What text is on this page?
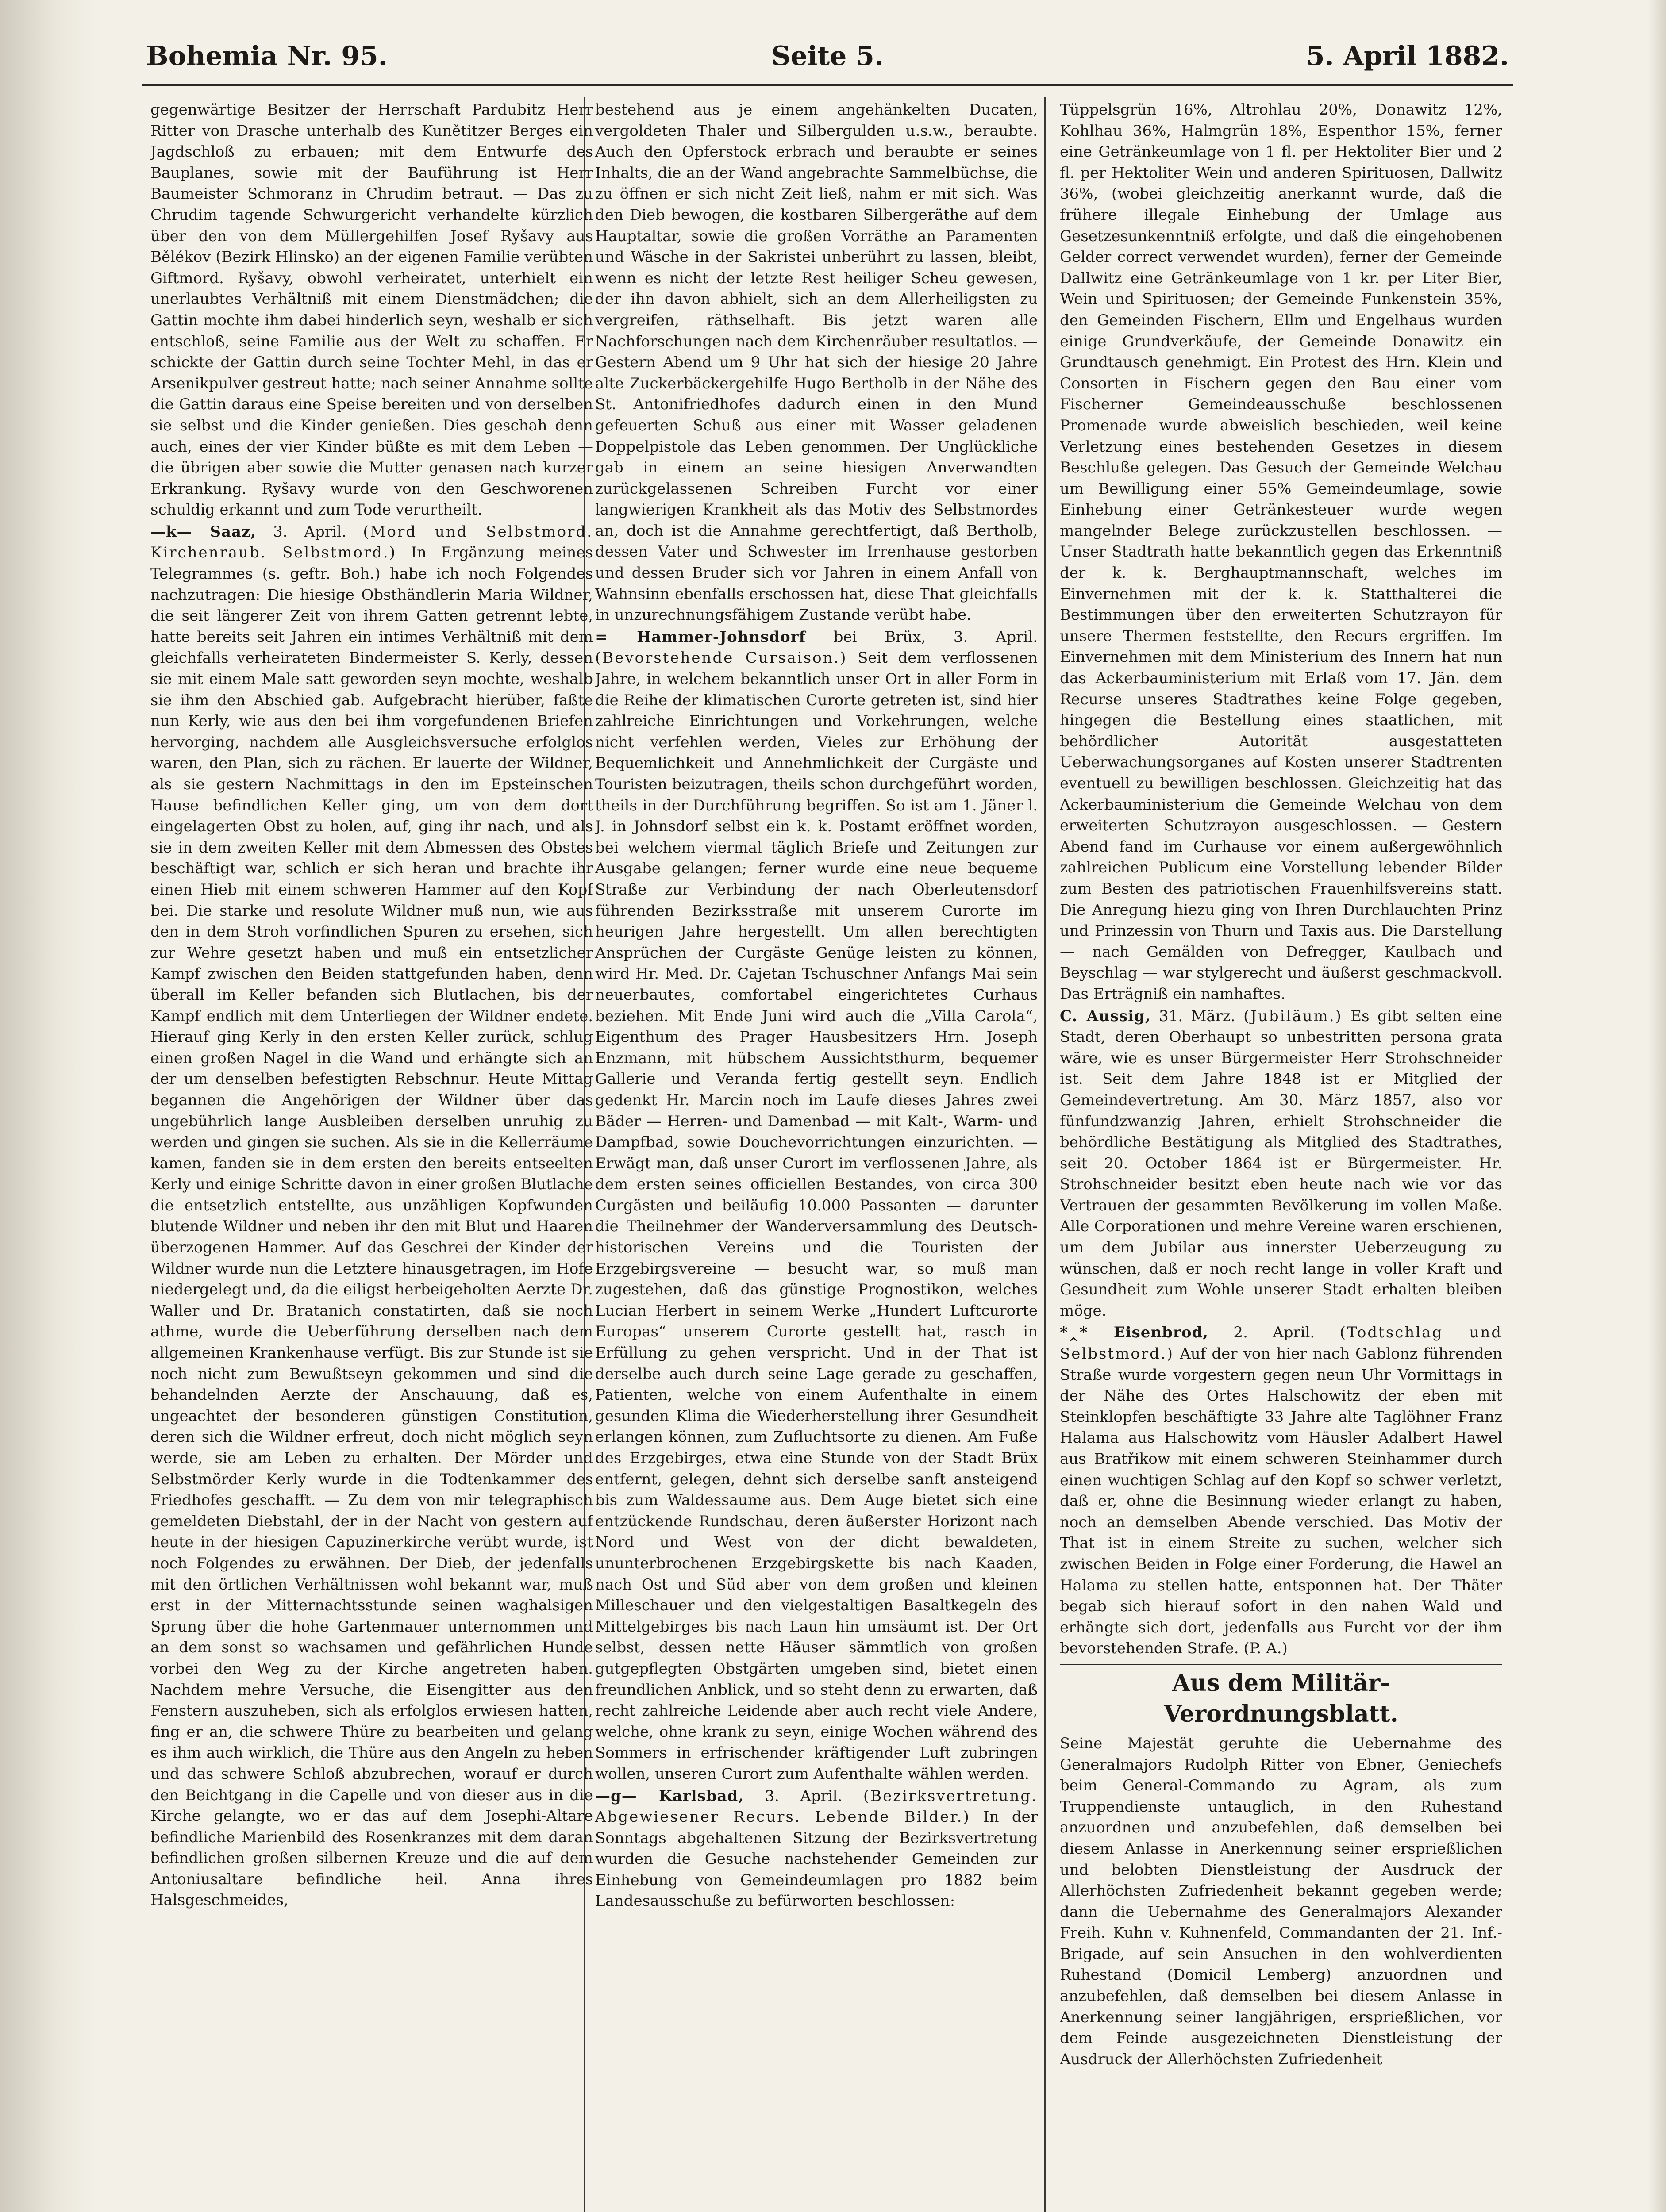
Bohemia Nr. 95.	Seite 5.	5. April 1882.

gegenwärtige Besitzer der Herrschaft Pardubitz Herr Ritter von Drasche unterhalb des Kunětitzer Berges ein Jagdschloß zu erbauen; mit dem Entwurfe des Bauplanes, sowie mit der Bauführung ist Herr Baumeister Schmoranz in Chrudim betraut. — Das zu Chrudim tagende Schwurgericht verhandelte kürzlich über den von dem Müllergehilfen Josef Ryšavy aus Bělékov (Bezirk Hlinsko) an der eigenen Familie verübten Giftmord. Ryšavy, obwohl verheiratet, unterhielt ein unerlaubtes Verhältniß mit einem Dienstmädchen; die Gattin mochte ihm dabei hinderlich seyn, weshalb er sich entschloß, seine Familie aus der Welt zu schaffen. Er schickte der Gattin durch seine Tochter Mehl, in das er Arsenikpulver gestreut hatte; nach seiner Annahme sollte die Gattin daraus eine Speise bereiten und von derselben sie selbst und die Kinder genießen. Dies geschah denn auch, eines der vier Kinder büßte es mit dem Leben — die übrigen aber sowie die Mutter genasen nach kurzer Erkrankung. Ryšavy wurde von den Geschworenen schuldig erkannt und zum Tode verurtheilt.

—k— Saaz, 3. April. (Mord und Selbstmord. Kirchenraub. Selbstmord.) In Ergänzung meines Telegrammes (s. geftr. Boh.) habe ich noch Folgendes nachzutragen: Die hiesige Obsthändlerin Maria Wildner, die seit längerer Zeit von ihrem Gatten getrennt lebte, hatte bereits seit Jahren ein intimes Verhältniß mit dem gleichfalls verheirateten Bindermeister S. Kerly, dessen sie mit einem Male satt geworden seyn mochte, weshalb sie ihm den Abschied gab. Aufgebracht hierüber, faßte nun Kerly, wie aus den bei ihm vorgefundenen Briefen hervorging, nachdem alle Ausgleichsversuche erfolglos waren, den Plan, sich zu rächen. Er lauerte der Wildner, als sie gestern Nachmittags in den im Epsteinschen Hause befindlichen Keller ging, um von dem dort eingelagerten Obst zu holen, auf, ging ihr nach, und als sie in dem zweiten Keller mit dem Abmessen des Obstes beschäftigt war, schlich er sich heran und brachte ihr einen Hieb mit einem schweren Hammer auf den Kopf bei. Die starke und resolute Wildner muß nun, wie aus den in dem Stroh vorfindlichen Spuren zu ersehen, sich zur Wehre gesetzt haben und muß ein entsetzlicher Kampf zwischen den Beiden stattgefunden haben, denn überall im Keller befanden sich Blutlachen, bis der Kampf endlich mit dem Unterliegen der Wildner endete. Hierauf ging Kerly in den ersten Keller zurück, schlug einen großen Nagel in die Wand und erhängte sich an der um denselben befestigten Rebschnur. Heute Mittag begannen die Angehörigen der Wildner über das ungebührlich lange Ausbleiben derselben unruhig zu werden und gingen sie suchen. Als sie in die Kellerräume kamen, fanden sie in dem ersten den bereits entseelten Kerly und einige Schritte davon in einer großen Blutlache die entsetzlich entstellte, aus unzähligen Kopfwunden blutende Wildner und neben ihr den mit Blut und Haaren überzogenen Hammer. Auf das Geschrei der Kinder der Wildner wurde nun die Letztere hinausgetragen, im Hofe niedergelegt und, da die eiligst herbeigeholten Aerzte Dr. Waller und Dr. Bratanich constatirten, daß sie noch athme, wurde die Ueberführung derselben nach dem allgemeinen Krankenhause verfügt. Bis zur Stunde ist sie noch nicht zum Bewußtseyn gekommen und sind die behandelnden Aerzte der Anschauung, daß es, ungeachtet der besonderen günstigen Constitution, deren sich die Wildner erfreut, doch nicht möglich seyn werde, sie am Leben zu erhalten. Der Mörder und Selbstmörder Kerly wurde in die Todtenkammer des Friedhofes geschafft. — Zu dem von mir telegraphisch gemeldeten Diebstahl, der in der Nacht von gestern auf heute in der hiesigen Capuzinerkirche verübt wurde, ist noch Folgendes zu erwähnen. Der Dieb, der jedenfalls mit den örtlichen Verhältnissen wohl bekannt war, muß erst in der Mitternachtsstunde seinen waghalsigen Sprung über die hohe Gartenmauer unternommen und an dem sonst so wachsamen und gefährlichen Hunde vorbei den Weg zu der Kirche angetreten haben. Nachdem mehre Versuche, die Eisengitter aus den Fenstern auszuheben, sich als erfolglos erwiesen hatten, fing er an, die schwere Thüre zu bearbeiten und gelang es ihm auch wirklich, die Thüre aus den Angeln zu heben und das schwere Schloß abzubrechen, worauf er durch den Beichtgang in die Capelle und von dieser aus in die Kirche gelangte, wo er das auf dem Josephi-Altare befindliche Marienbild des Rosenkranzes mit dem daran befindlichen großen silbernen Kreuze und die auf dem Antoniusaltare befindliche heil. Anna ihres Halsgeschmeides,

bestehend aus je einem angehänkelten Ducaten, vergoldeten Thaler und Silbergulden u.s.w., beraubte. Auch den Opferstock erbrach und beraubte er seines Inhalts, die an der Wand angebrachte Sammelbüchse, die zu öffnen er sich nicht Zeit ließ, nahm er mit sich. Was den Dieb bewogen, die kostbaren Silbergeräthe auf dem Hauptaltar, sowie die großen Vorräthe an Paramenten und Wäsche in der Sakristei unberührt zu lassen, bleibt, wenn es nicht der letzte Rest heiliger Scheu gewesen, der ihn davon abhielt, sich an dem Allerheiligsten zu vergreifen, räthselhaft. Bis jetzt waren alle Nachforschungen nach dem Kirchenräuber resultatlos. — Gestern Abend um 9 Uhr hat sich der hiesige 20 Jahre alte Zuckerbäckergehilfe Hugo Bertholb in der Nähe des St. Antonifriedhofes dadurch einen in den Mund gefeuerten Schuß aus einer mit Wasser geladenen Doppelpistole das Leben genommen. Der Unglückliche gab in einem an seine hiesigen Anverwandten zurückgelassenen Schreiben Furcht vor einer langwierigen Krankheit als das Motiv des Selbstmordes an, doch ist die Annahme gerechtfertigt, daß Bertholb, dessen Vater und Schwester im Irrenhause gestorben und dessen Bruder sich vor Jahren in einem Anfall von Wahnsinn ebenfalls erschossen hat, diese That gleichfalls in unzurechnungsfähigem Zustande verübt habe.

= Hammer-Johnsdorf bei Brüx, 3. April. (Bevorstehende Cursaison.) Seit dem verflossenen Jahre, in welchem bekanntlich unser Ort in aller Form in die Reihe der klimatischen Curorte getreten ist, sind hier zahlreiche Einrichtungen und Vorkehrungen, welche nicht verfehlen werden, Vieles zur Erhöhung der Bequemlichkeit und Annehmlichkeit der Curgäste und Touristen beizutragen, theils schon durchgeführt worden, theils in der Durchführung begriffen. So ist am 1. Jäner l. J. in Johnsdorf selbst ein k. k. Postamt eröffnet worden, bei welchem viermal täglich Briefe und Zeitungen zur Ausgabe gelangen; ferner wurde eine neue bequeme Straße zur Verbindung der nach Oberleutensdorf führenden Bezirksstraße mit unserem Curorte im heurigen Jahre hergestellt. Um allen berechtigten Ansprüchen der Curgäste Genüge leisten zu können, wird Hr. Med. Dr. Cajetan Tschuschner Anfangs Mai sein neuerbautes, comfortabel eingerichtetes Curhaus beziehen. Mit Ende Juni wird auch die „Villa Carola“, Eigenthum des Prager Hausbesitzers Hrn. Joseph Enzmann, mit hübschem Aussichtsthurm, bequemer Gallerie und Veranda fertig gestellt seyn. Endlich gedenkt Hr. Marcin noch im Laufe dieses Jahres zwei Bäder — Herren- und Damenbad — mit Kalt-, Warm- und Dampfbad, sowie Douchevorrichtungen einzurichten. — Erwägt man, daß unser Curort im verflossenen Jahre, als dem ersten seines officiellen Bestandes, von circa 300 Curgästen und beiläufig 10.000 Passanten — darunter die Theilnehmer der Wanderversammlung des Deutsch-historischen Vereins und die Touristen der Erzgebirgsvereine — besucht war, so muß man zugestehen, daß das günstige Prognostikon, welches Lucian Herbert in seinem Werke „Hundert Luftcurorte Europas“ unserem Curorte gestellt hat, rasch in Erfüllung zu gehen verspricht. Und in der That ist derselbe auch durch seine Lage gerade zu geschaffen, Patienten, welche von einem Aufenthalte in einem gesunden Klima die Wiederherstellung ihrer Gesundheit erlangen können, zum Zufluchtsorte zu dienen. Am Fuße des Erzgebirges, etwa eine Stunde von der Stadt Brüx entfernt, gelegen, dehnt sich derselbe sanft ansteigend bis zum Waldessaume aus. Dem Auge bietet sich eine entzückende Rundschau, deren äußerster Horizont nach Nord und West von der dicht bewaldeten, ununterbrochenen Erzgebirgskette bis nach Kaaden, nach Ost und Süd aber von dem großen und kleinen Milleschauer und den vielgestaltigen Basaltkegeln des Mittelgebirges bis nach Laun hin umsäumt ist. Der Ort selbst, dessen nette Häuser sämmtlich von großen gutgepflegten Obstgärten umgeben sind, bietet einen freundlichen Anblick, und so steht denn zu erwarten, daß recht zahlreiche Leidende aber auch recht viele Andere, welche, ohne krank zu seyn, einige Wochen während des Sommers in erfrischender kräftigender Luft zubringen wollen, unseren Curort zum Aufenthalte wählen werden.

—g— Karlsbad, 3. April. (Bezirksvertretung. Abgewiesener Recurs. Lebende Bilder.) In der Sonntags abgehaltenen Sitzung der Bezirksvertretung wurden die Gesuche nachstehender Gemeinden zur Einhebung von Gemeindeumlagen pro 1882 beim Landesausschuße zu befürworten beschlossen:

Tüppelsgrün 16%, Altrohlau 20%, Donawitz 12%, Kohlhau 36%, Halmgrün 18%, Espenthor 15%, ferner eine Getränkeumlage von 1 fl. per Hektoliter Bier und 2 fl. per Hektoliter Wein und anderen Spirituosen, Dallwitz 36%, (wobei gleichzeitig anerkannt wurde, daß die frühere illegale Einhebung der Umlage aus Gesetzesunkenntniß erfolgte, und daß die eingehobenen Gelder correct verwendet wurden), ferner der Gemeinde Dallwitz eine Getränkeumlage von 1 kr. per Liter Bier, Wein und Spirituosen; der Gemeinde Funkenstein 35%, den Gemeinden Fischern, Ellm und Engelhaus wurden einige Grundverkäufe, der Gemeinde Donawitz ein Grundtausch genehmigt. Ein Protest des Hrn. Klein und Consorten in Fischern gegen den Bau einer vom Fischerner Gemeindeausschuße beschlossenen Promenade wurde abweislich beschieden, weil keine Verletzung eines bestehenden Gesetzes in diesem Beschluße gelegen. Das Gesuch der Gemeinde Welchau um Bewilligung einer 55% Gemeindeumlage, sowie Einhebung einer Getränkesteuer wurde wegen mangelnder Belege zurückzustellen beschlossen. — Unser Stadtrath hatte bekanntlich gegen das Erkenntniß der k. k. Berghauptmannschaft, welches im Einvernehmen mit der k. k. Statthalterei die Bestimmungen über den erweiterten Schutzrayon für unsere Thermen feststellte, den Recurs ergriffen. Im Einvernehmen mit dem Ministerium des Innern hat nun das Ackerbauministerium mit Erlaß vom 17. Jän. dem Recurse unseres Stadtrathes keine Folge gegeben, hingegen die Bestellung eines staatlichen, mit behördlicher Autorität ausgestatteten Ueberwachungsorganes auf Kosten unserer Stadtrenten eventuell zu bewilligen beschlossen. Gleichzeitig hat das Ackerbauministerium die Gemeinde Welchau von dem erweiterten Schutzrayon ausgeschlossen. — Gestern Abend fand im Curhause vor einem außergewöhnlich zahlreichen Publicum eine Vorstellung lebender Bilder zum Besten des patriotischen Frauenhilfsvereins statt. Die Anregung hiezu ging von Ihren Durchlauchten Prinz und Prinzessin von Thurn und Taxis aus. Die Darstellung — nach Gemälden von Defregger, Kaulbach und Beyschlag — war stylgerecht und äußerst geschmackvoll. Das Erträgniß ein namhaftes.

C. Aussig, 31. März. (Jubiläum.) Es gibt selten eine Stadt, deren Oberhaupt so unbestritten persona grata wäre, wie es unser Bürgermeister Herr Strohschneider ist. Seit dem Jahre 1848 ist er Mitglied der Gemeindevertretung. Am 30. März 1857, also vor fünfundzwanzig Jahren, erhielt Strohschneider die behördliche Bestätigung als Mitglied des Stadtrathes, seit 20. October 1864 ist er Bürgermeister. Hr. Strohschneider besitzt eben heute nach wie vor das Vertrauen der gesammten Bevölkerung im vollen Maße. Alle Corporationen und mehre Vereine waren erschienen, um dem Jubilar aus innerster Ueberzeugung zu wünschen, daß er noch recht lange in voller Kraft und Gesundheit zum Wohle unserer Stadt erhalten bleiben möge.

*‸* Eisenbrod, 2. April. (Todtschlag und Selbstmord.) Auf der von hier nach Gablonz führenden Straße wurde vorgestern gegen neun Uhr Vormittags in der Nähe des Ortes Halschowitz der eben mit Steinklopfen beschäftigte 33 Jahre alte Taglöhner Franz Halama aus Halschowitz vom Häusler Adalbert Hawel aus Bratřikow mit einem schweren Steinhammer durch einen wuchtigen Schlag auf den Kopf so schwer verletzt, daß er, ohne die Besinnung wieder erlangt zu haben, noch an demselben Abende verschied. Das Motiv der That ist in einem Streite zu suchen, welcher sich zwischen Beiden in Folge einer Forderung, die Hawel an Halama zu stellen hatte, entsponnen hat. Der Thäter begab sich hierauf sofort in den nahen Wald und erhängte sich dort, jedenfalls aus Furcht vor der ihm bevorstehenden Strafe. (P. A.)

Aus dem Militär-Verordnungsblatt.

Seine Majestät geruhte die Uebernahme des Generalmajors Rudolph Ritter von Ebner, Geniechefs beim General-Commando zu Agram, als zum Truppendienste untauglich, in den Ruhestand anzuordnen und anzubefehlen, daß demselben bei diesem Anlasse in Anerkennung seiner ersprießlichen und belobten Dienstleistung der Ausdruck der Allerhöchsten Zufriedenheit bekannt gegeben werde; dann die Uebernahme des Generalmajors Alexander Freih. Kuhn v. Kuhnenfeld, Commandanten der 21. Inf.-Brigade, auf sein Ansuchen in den wohlverdienten Ruhestand (Domicil Lemberg) anzuordnen und anzubefehlen, daß demselben bei diesem Anlasse in Anerkennung seiner langjährigen, ersprießlichen, vor dem Feinde ausgezeichneten Dienstleistung der Ausdruck der Allerhöchsten Zufriedenheit
